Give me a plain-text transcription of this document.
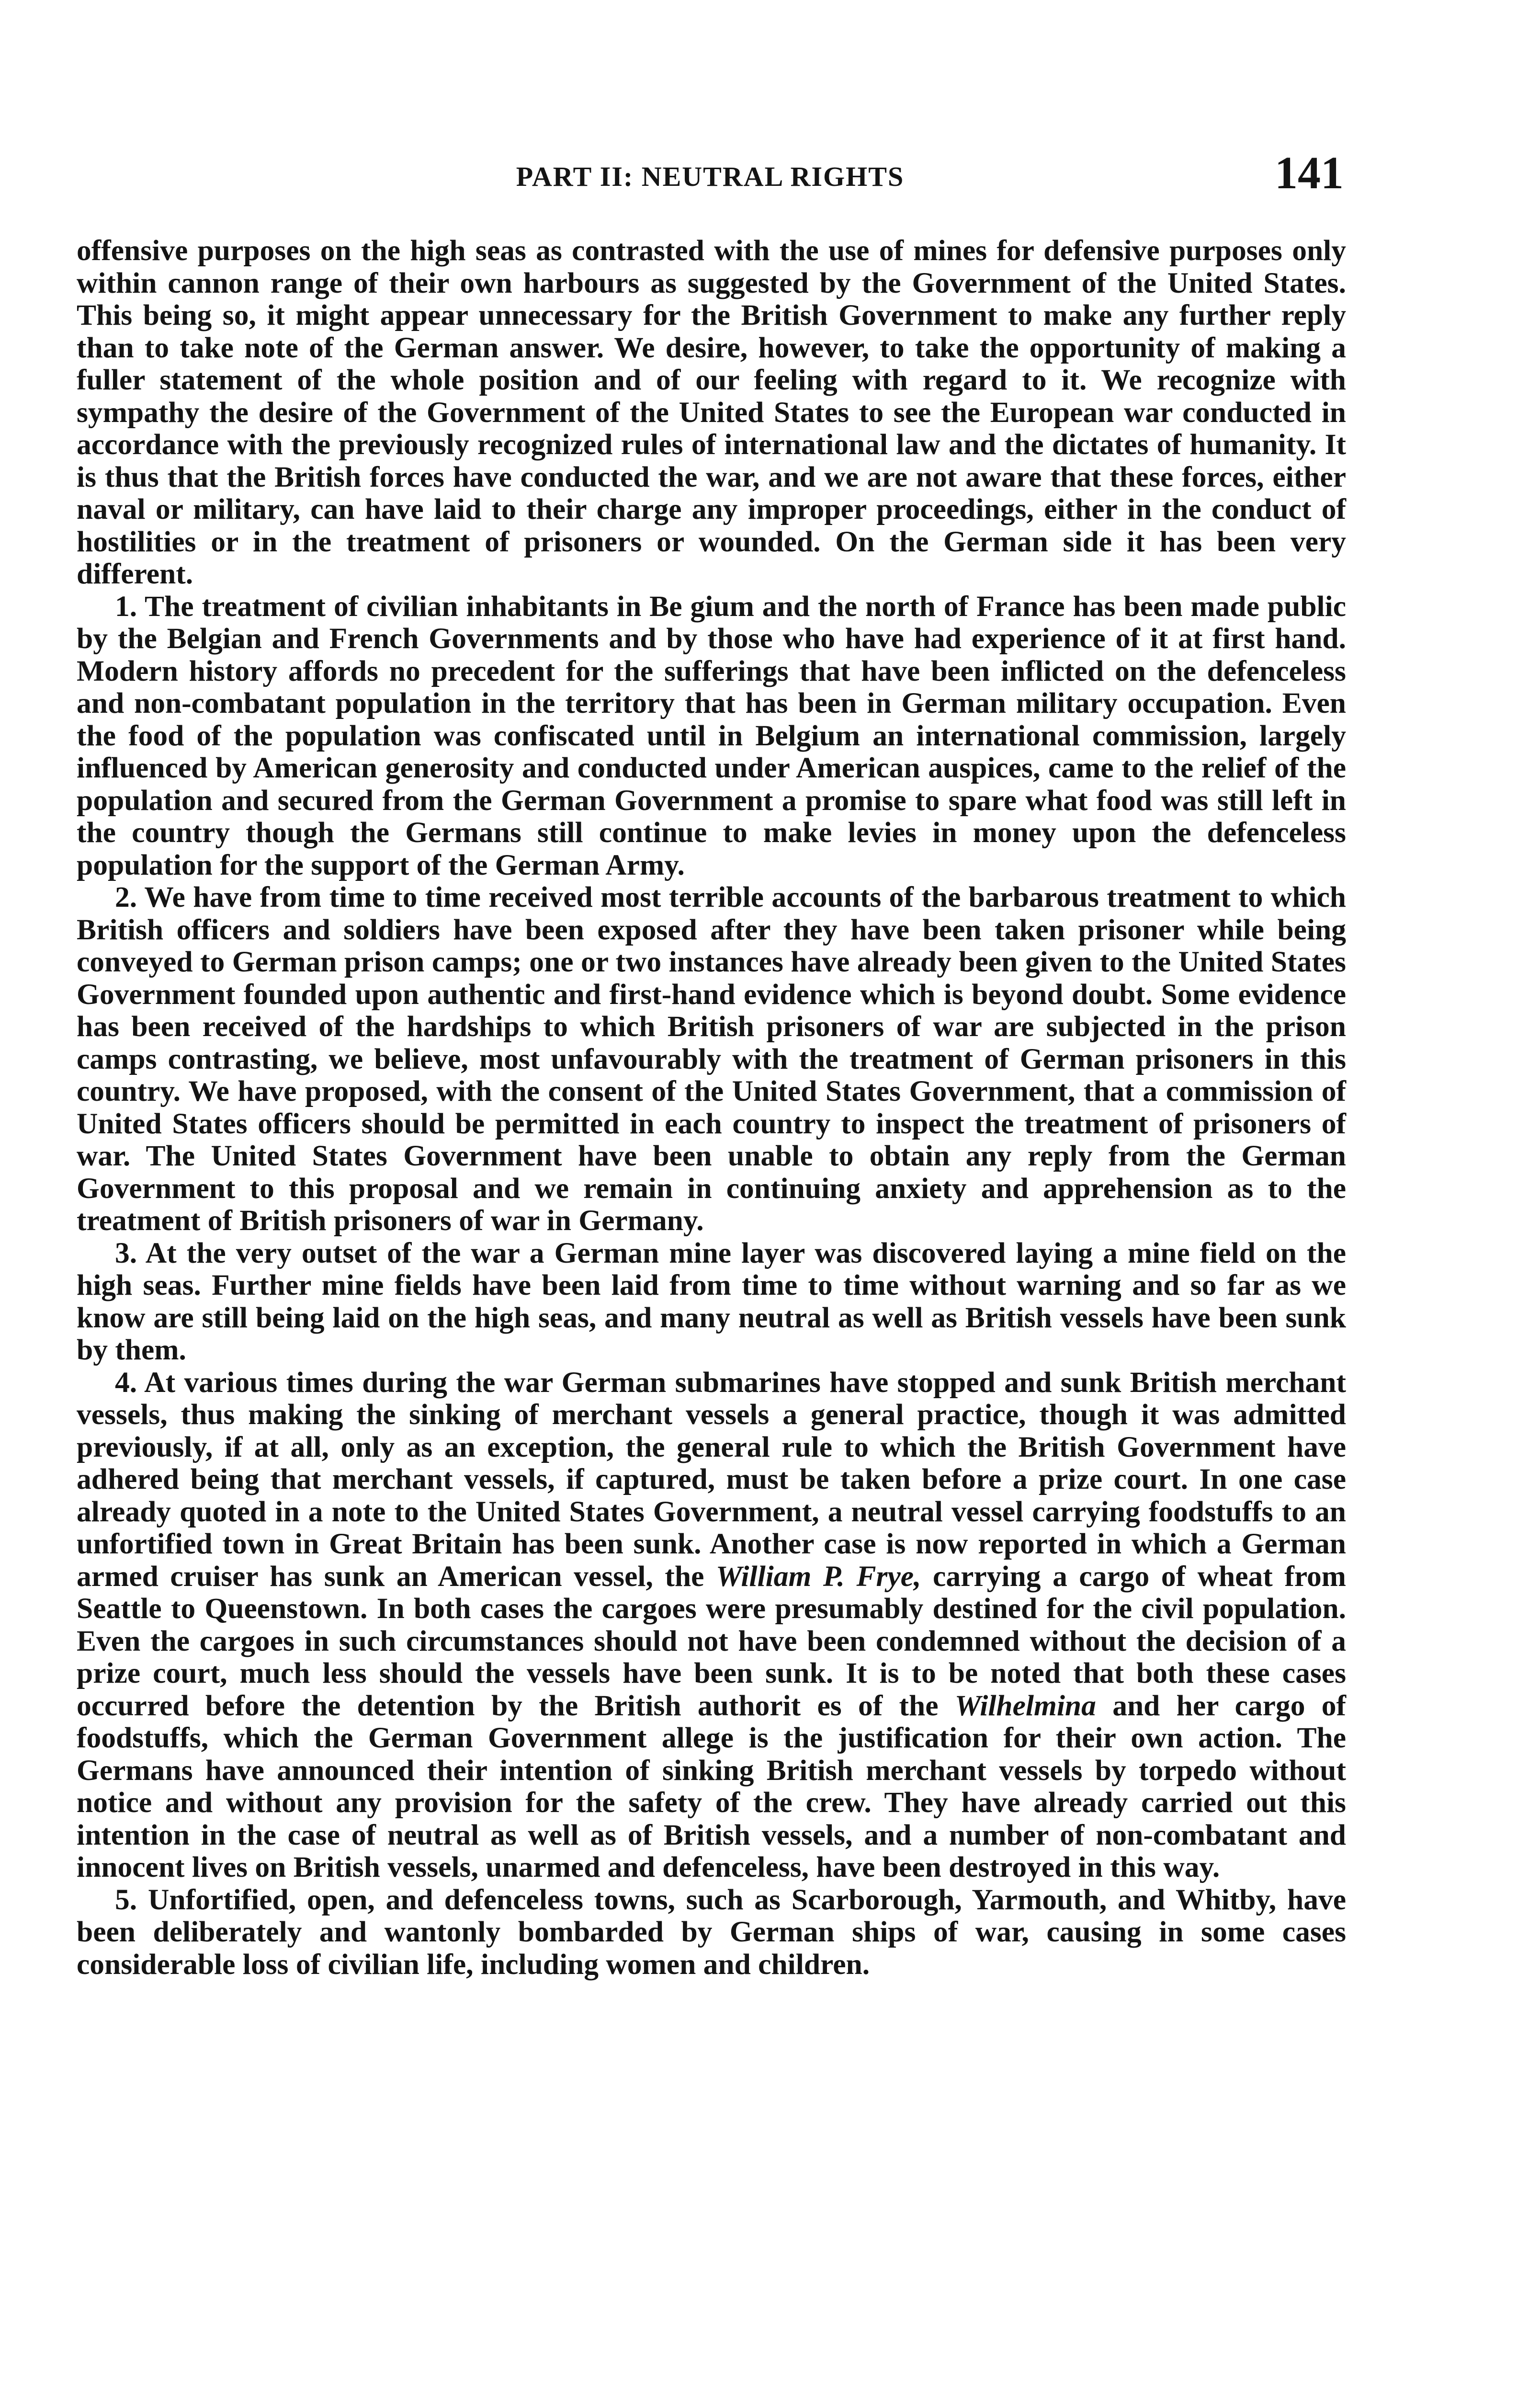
PART II: NEUTRAL RIGHTS	141

offensive purposes on the high seas as contrasted with the use of mines for defensive purposes only within cannon range of their own harbours as suggested by the Government of the United States. This being so, it might appear unnecessary for the British Government to make any further reply than to take note of the German answer. We desire, however, to take the opportunity of making a fuller statement of the whole position and of our feeling with regard to it. We recognize with sympathy the desire of the Government of the United States to see the European war conducted in accordance with the previously recognized rules of international law and the dictates of humanity. It is thus that the British forces have conducted the war, and we are not aware that these forces, either naval or military, can have laid to their charge any improper proceedings, either in the conduct of hostilities or in the treatment of prisoners or wounded. On the German side it has been very different.

1. The treatment of civilian inhabitants in Be gium and the north of France has been made public by the Belgian and French Governments and by those who have had experience of it at first hand. Modern history affords no precedent for the sufferings that have been inflicted on the defenceless and non-combatant population in the territory that has been in German military occupation. Even the food of the population was confiscated until in Belgium an international commission, largely influenced by American generosity and conducted under American auspices, came to the relief of the population and secured from the German Government a promise to spare what food was still left in the country though the Germans still continue to make levies in money upon the defenceless population for the support of the German Army.

2. We have from time to time received most terrible accounts of the barbarous treatment to which British officers and soldiers have been exposed after they have been taken prisoner while being conveyed to German prison camps; one or two instances have already been given to the United States Government founded upon authentic and first-hand evidence which is beyond doubt. Some evidence has been received of the hardships to which British prisoners of war are subjected in the prison camps contrasting, we believe, most unfavourably with the treatment of German prisoners in this country. We have proposed, with the consent of the United States Government, that a commission of United States officers should be permitted in each country to inspect the treatment of prisoners of war. The United States Government have been unable to obtain any reply from the German Government to this proposal and we remain in continuing anxiety and apprehension as to the treatment of British prisoners of war in Germany.

3. At the very outset of the war a German mine layer was discovered laying a mine field on the high seas. Further mine fields have been laid from time to time without warning and so far as we know are still being laid on the high seas, and many neutral as well as British vessels have been sunk by them.

4. At various times during the war German submarines have stopped and sunk British merchant vessels, thus making the sinking of merchant vessels a general practice, though it was admitted previously, if at all, only as an exception, the general rule to which the British Government have adhered being that merchant vessels, if captured, must be taken before a prize court. In one case already quoted in a note to the United States Government, a neutral vessel carrying foodstuffs to an unfortified town in Great Britain has been sunk. Another case is now reported in which a German armed cruiser has sunk an American vessel, the William P. Frye, carrying a cargo of wheat from Seattle to Queenstown. In both cases the cargoes were presumably destined for the civil population. Even the cargoes in such circumstances should not have been condemned without the decision of a prize court, much less should the vessels have been sunk. It is to be noted that both these cases occurred before the detention by the British authorit es of the Wilhelmina and her cargo of foodstuffs, which the German Government allege is the justification for their own action. The Germans have announced their intention of sinking British merchant vessels by torpedo without notice and without any provision for the safety of the crew. They have already carried out this intention in the case of neutral as well as of British vessels, and a number of non-combatant and innocent lives on British vessels, unarmed and defenceless, have been destroyed in this way.

5. Unfortified, open, and defenceless towns, such as Scarborough, Yarmouth, and Whitby, have been deliberately and wantonly bombarded by German ships of war, causing in some cases considerable loss of civilian life, including women and children.
